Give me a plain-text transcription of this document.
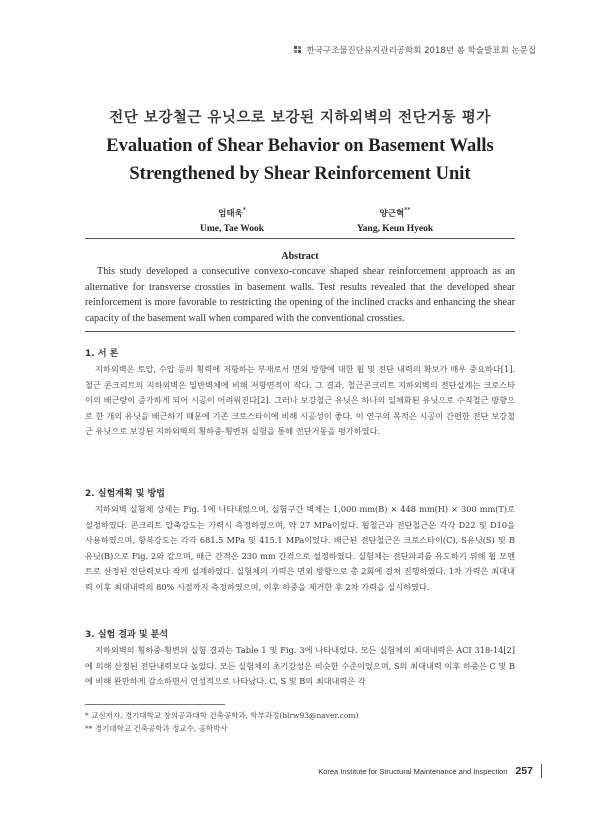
한국구조물진단유지관리공학회 2018년 봄 학술발표회 논문집
전단 보강철근 유닛으로 보강된 지하외벽의 전단거동 평가
Evaluation of Shear Behavior on Basement Walls
Strengthened by Shear Reinforcement Unit
엄태욱*
Ume, Tae Wook
양근혁**
Yang, Keun Hyeok
Abstract
This study developed a consecutive convexo-concave shaped shear reinforcement approach as an alternative for transverse crossties in basement walls. Test results revealed that the developed shear reinforcement is more favorable to restricting the opening of the inclined cracks and enhancing the shear capacity of the basement wall when compared with the conventional crossties.
1. 서 론
지하외벽은 토압, 수압 등의 횡력에 저항하는 부재로서 면외 방향에 대한 휨 및 전단 내력의 확보가 매우 중요하다[1]. 철근 콘크리트의 지하외벽은 일반벽체에 비해 저항면적이 작다. 그 결과, 철근콘크리트 지하외벽의 전단설계는 크로스타이의 배근량이 증가하게 되어 시공이 어려워진다[2]. 그러나 보강철근 유닛은 하나의 일체화된 유닛으로 수직철근 방향으로 한 개의 유닛을 배근하기 때문에 기존 크로스타이에 비해 시공성이 좋다. 이 연구의 목적은 시공이 간편한 전단 보강철근 유닛으로 보강된 지하외벽의 횡하중-횡변위 실험을 통해 전단거동을 평가하였다.
2. 실험계획 및 방법
지하외벽 실험체 상세는 Fig. 1에 나타내었으며, 실험구간 벽체는 1,000 mm(B) × 448 mm(H) × 300 mm(T)로 설정하였다. 콘크리트 압축강도는 가력시 측정하였으며, 약 27 MPa이었다. 휨철근과 전단철근은 각각 D22 및 D10을 사용하였으며, 항복강도는 각각 681.5 MPa 및 415.1 MPa이었다. 배근된 전단철근은 크로스타이(C), S유닛(S) 및 B유닛(B)으로 Fig. 2와 같으며, 배근 간격은 230 mm 간격으로 설정하였다. 실험체는 전단파괴를 유도하기 위해 휨 모멘트로 산정된 전단력보다 작게 설계하였다. 실험체의 가력은 면외 방향으로 총 2회에 걸쳐 진행하였다. 1차 가력은 최대내력 이후 최대내력의 80% 시점까지 측정하였으며, 이후 하중을 제거한 후 2차 가력을 실시하였다.
3. 실험 결과 및 분석
지하외벽의 횡하중-횡변위 실험 결과는 Table 1 및 Fig. 3에 나타내었다. 모든 실험체의 최대내력은 ACI 318-14[2]에 의해 산정된 전단내력보다 높았다. 모든 실험체의 초기강성은 비슷한 수준이었으며, S의 최대내력 이후 하중은 C 및 B에 비해 완만하게 감소하면서 연성적으로 나타났다. C, S 및 B의 최대내력은 각
* 교신저자, 경기대학교 창의공과대학 건축공학과, 학부과정(blrw93@naver.com)
** 경기대학교 건축공학과 정교수, 공학박사
Korea Institute for Structural Maintenance and Inspection 257
